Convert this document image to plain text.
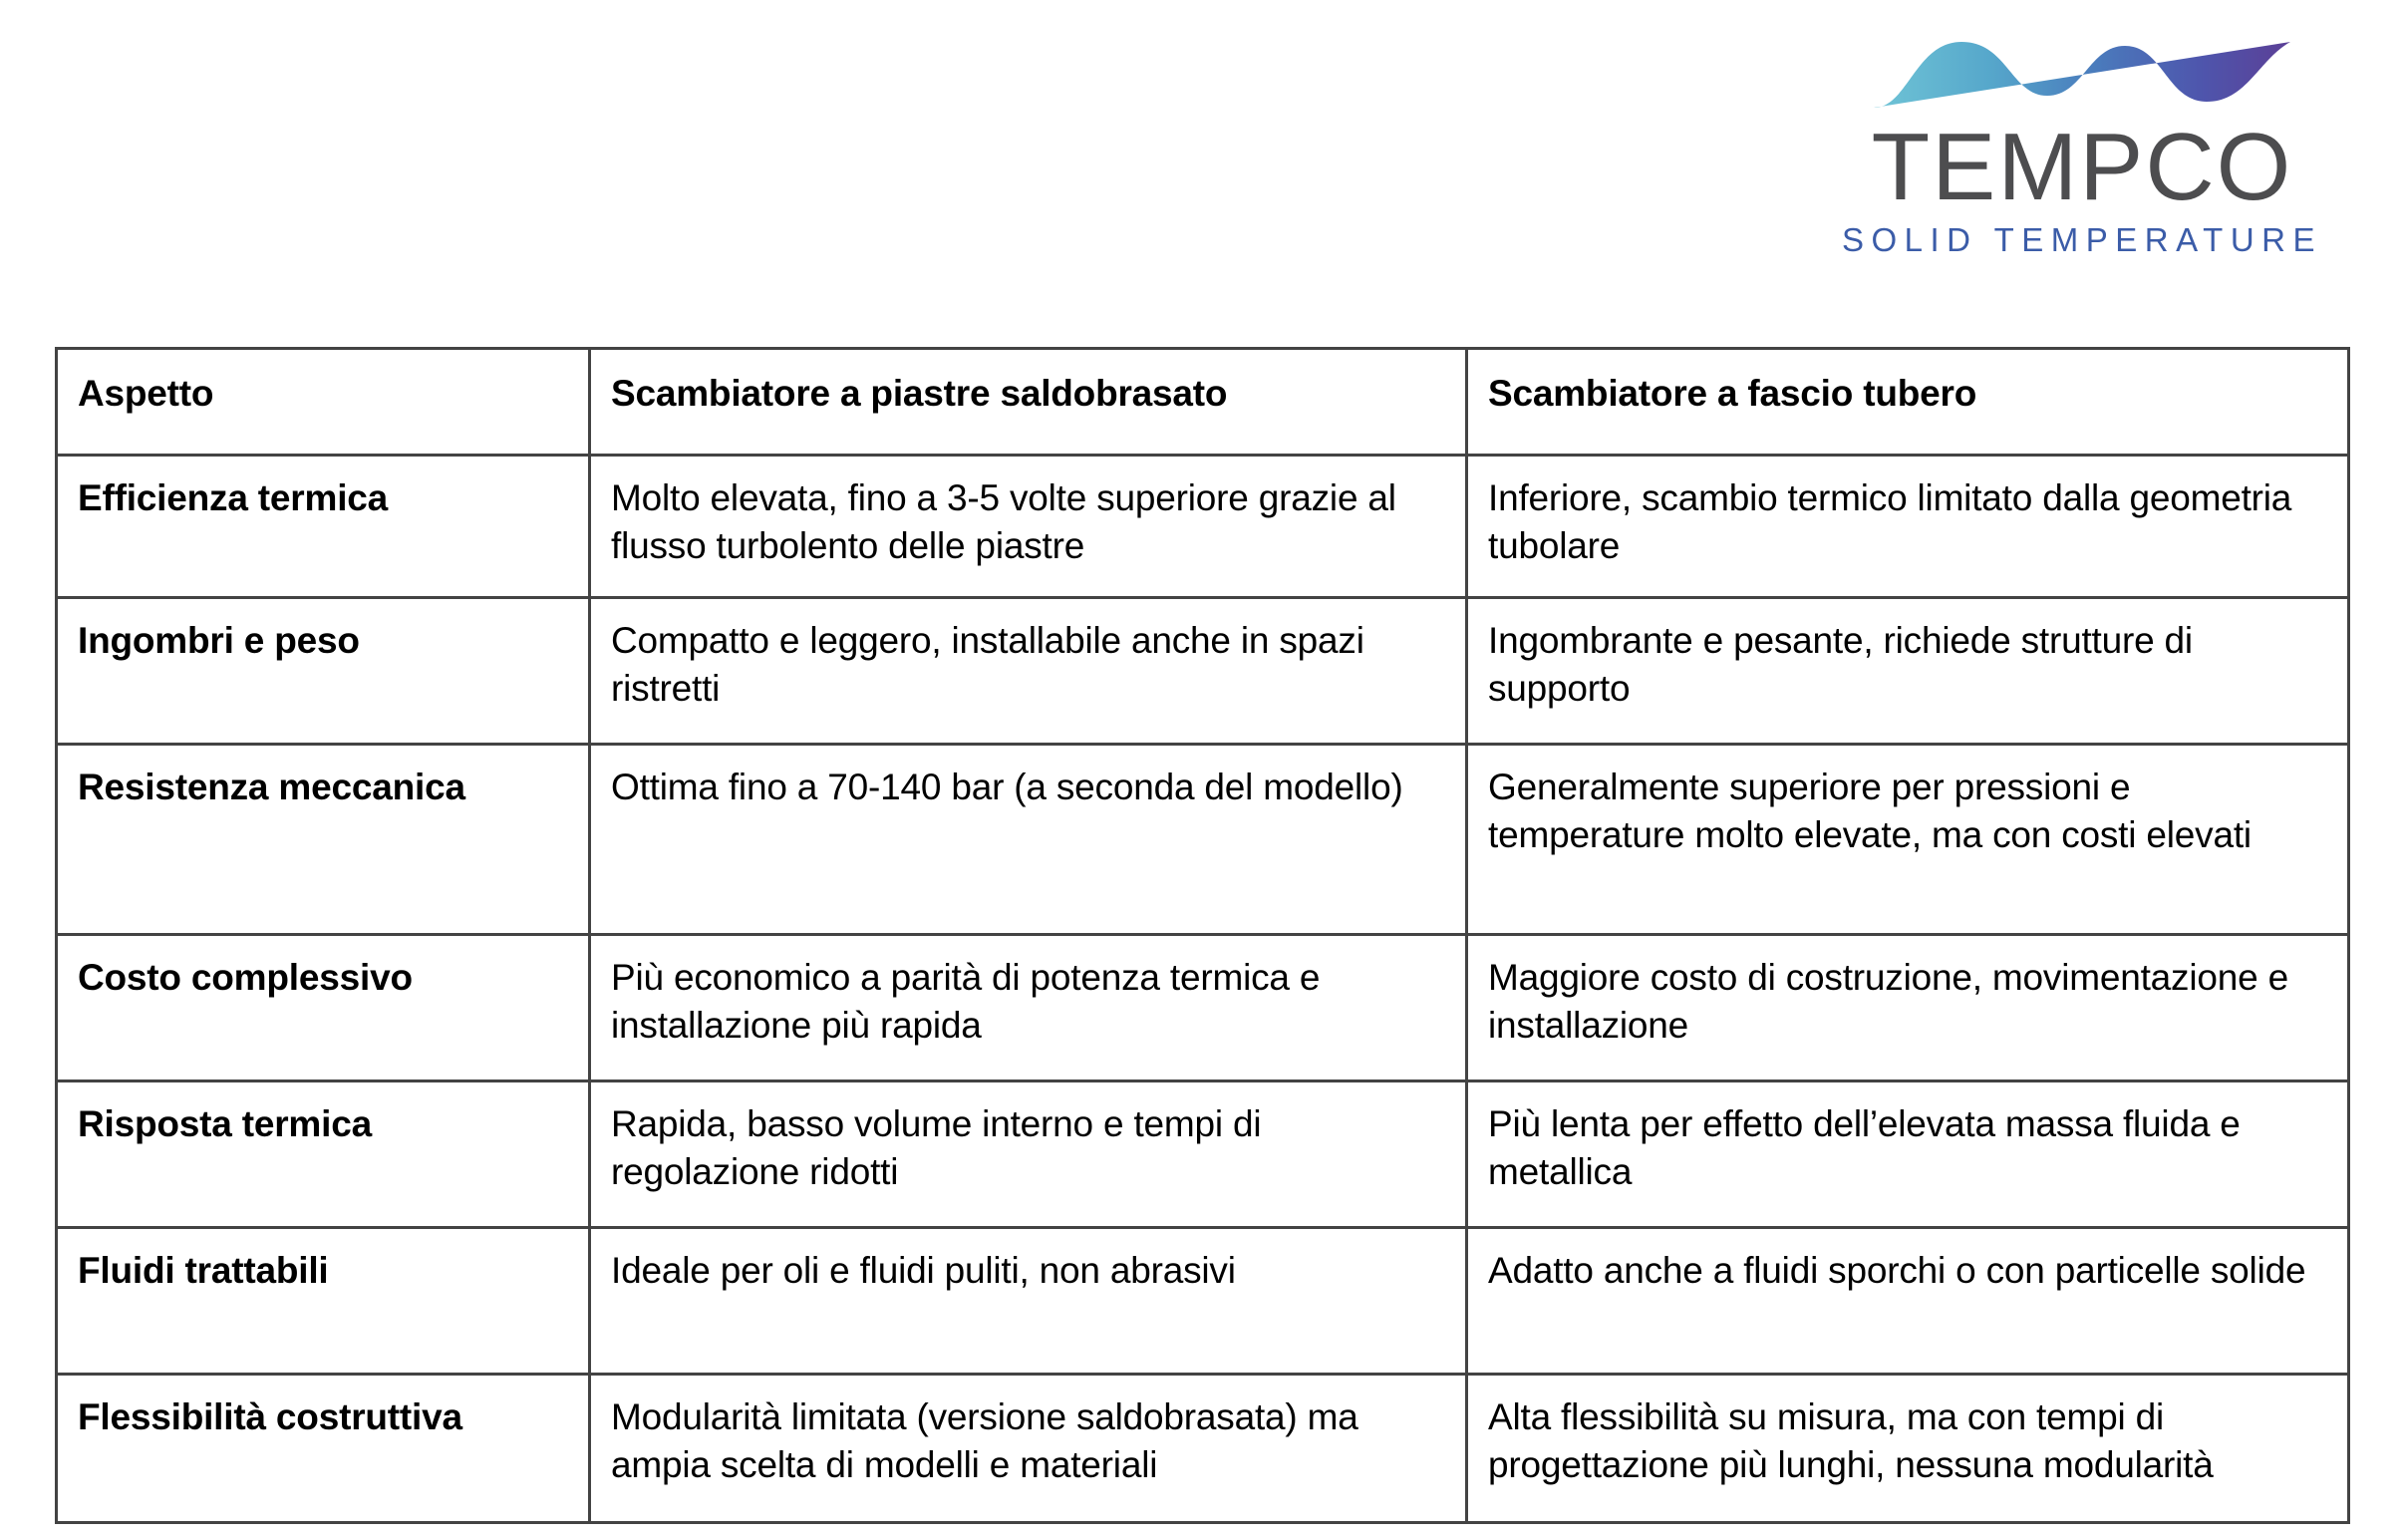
TEMPCO
SOLID TEMPERATURE
Aspetto	Scambiatore a piastre saldobrasato	Scambiatore a fascio tubero
Efficienza termica	Molto elevata, fino a 3-5 volte superiore grazie al flusso turbolento delle piastre	Inferiore, scambio termico limitato dalla geometria tubolare
Ingombri e peso	Compatto e leggero, installabile anche in spazi ristretti	Ingombrante e pesante, richiede strutture di supporto
Resistenza meccanica	Ottima fino a 70-140 bar (a seconda del modello)	Generalmente superiore per pressioni e temperature molto elevate, ma con costi elevati
Costo complessivo	Più economico a parità di potenza termica e installazione più rapida	Maggiore costo di costruzione, movimentazione e installazione
Risposta termica	Rapida, basso volume interno e tempi di regolazione ridotti	Più lenta per effetto dell’elevata massa fluida e metallica
Fluidi trattabili	Ideale per oli e fluidi puliti, non abrasivi	Adatto anche a fluidi sporchi o con particelle solide
Flessibilità costruttiva	Modularità limitata (versione saldobrasata) ma ampia scelta di modelli e materiali	Alta flessibilità su misura, ma con tempi di progettazione più lunghi, nessuna modularità
